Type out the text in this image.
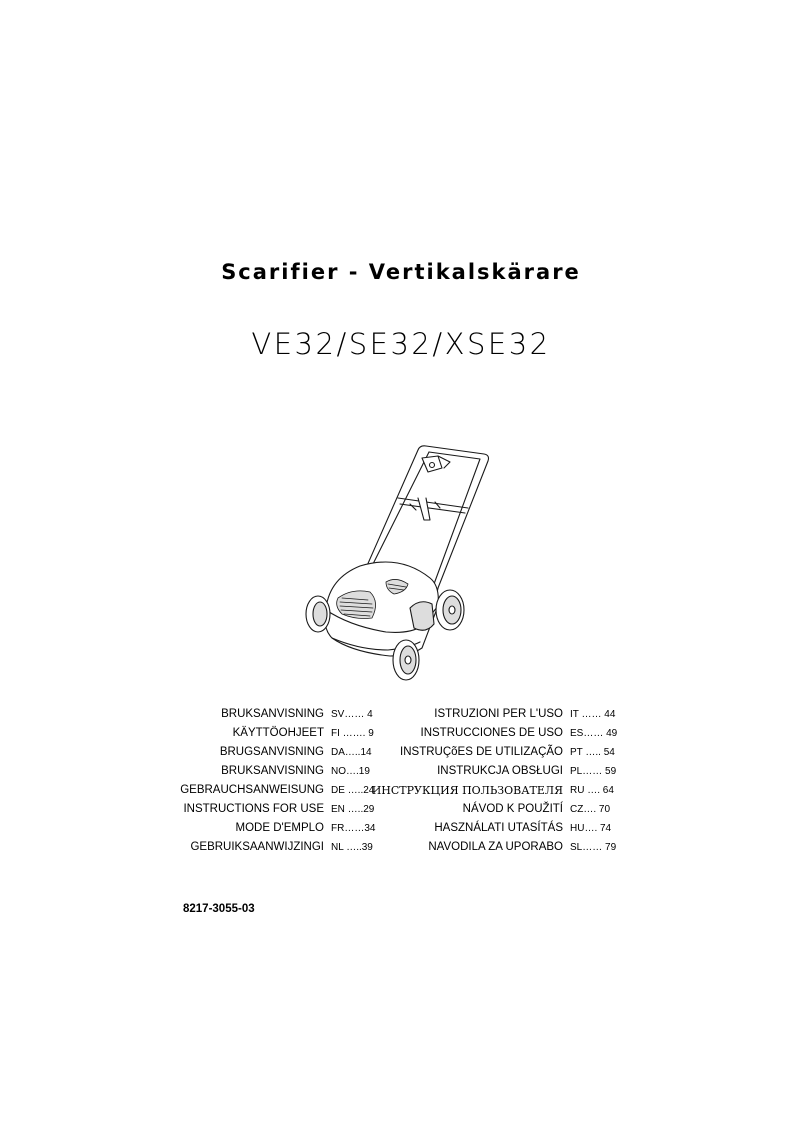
Scarifier - Vertikalskärare
VE32/SE32/XSE32
BRUKSANVISNING SV…… 4
KÄYTTÖOHJEET FI ……. 9
BRUGSANVISNING DA…..14
BRUKSANVISNING NO….19
GEBRAUCHSANWEISUNG DE …..24
INSTRUCTIONS FOR USE EN …..29
MODE D'EMPLO FR……34
GEBRUIKSAANWIJZINGI NL …..39
ISTRUZIONI PER L'USO IT …… 44
INSTRUCCIONES DE USO ES…… 49
INSTRUÇõES DE UTILIZAÇÃO PT ….. 54
INSTRUKCJA OBSŁUGI PL…… 59
ИНСТРУКЦИЯ ПОЛЬЗОВАТЕЛЯ RU …. 64
NÁVOD K POUŽITÍ CZ…. 70
HASZNÁLATI UTASÍTÁS HU…. 74
NAVODILA ZA UPORABO SL…… 79
8217-3055-03
